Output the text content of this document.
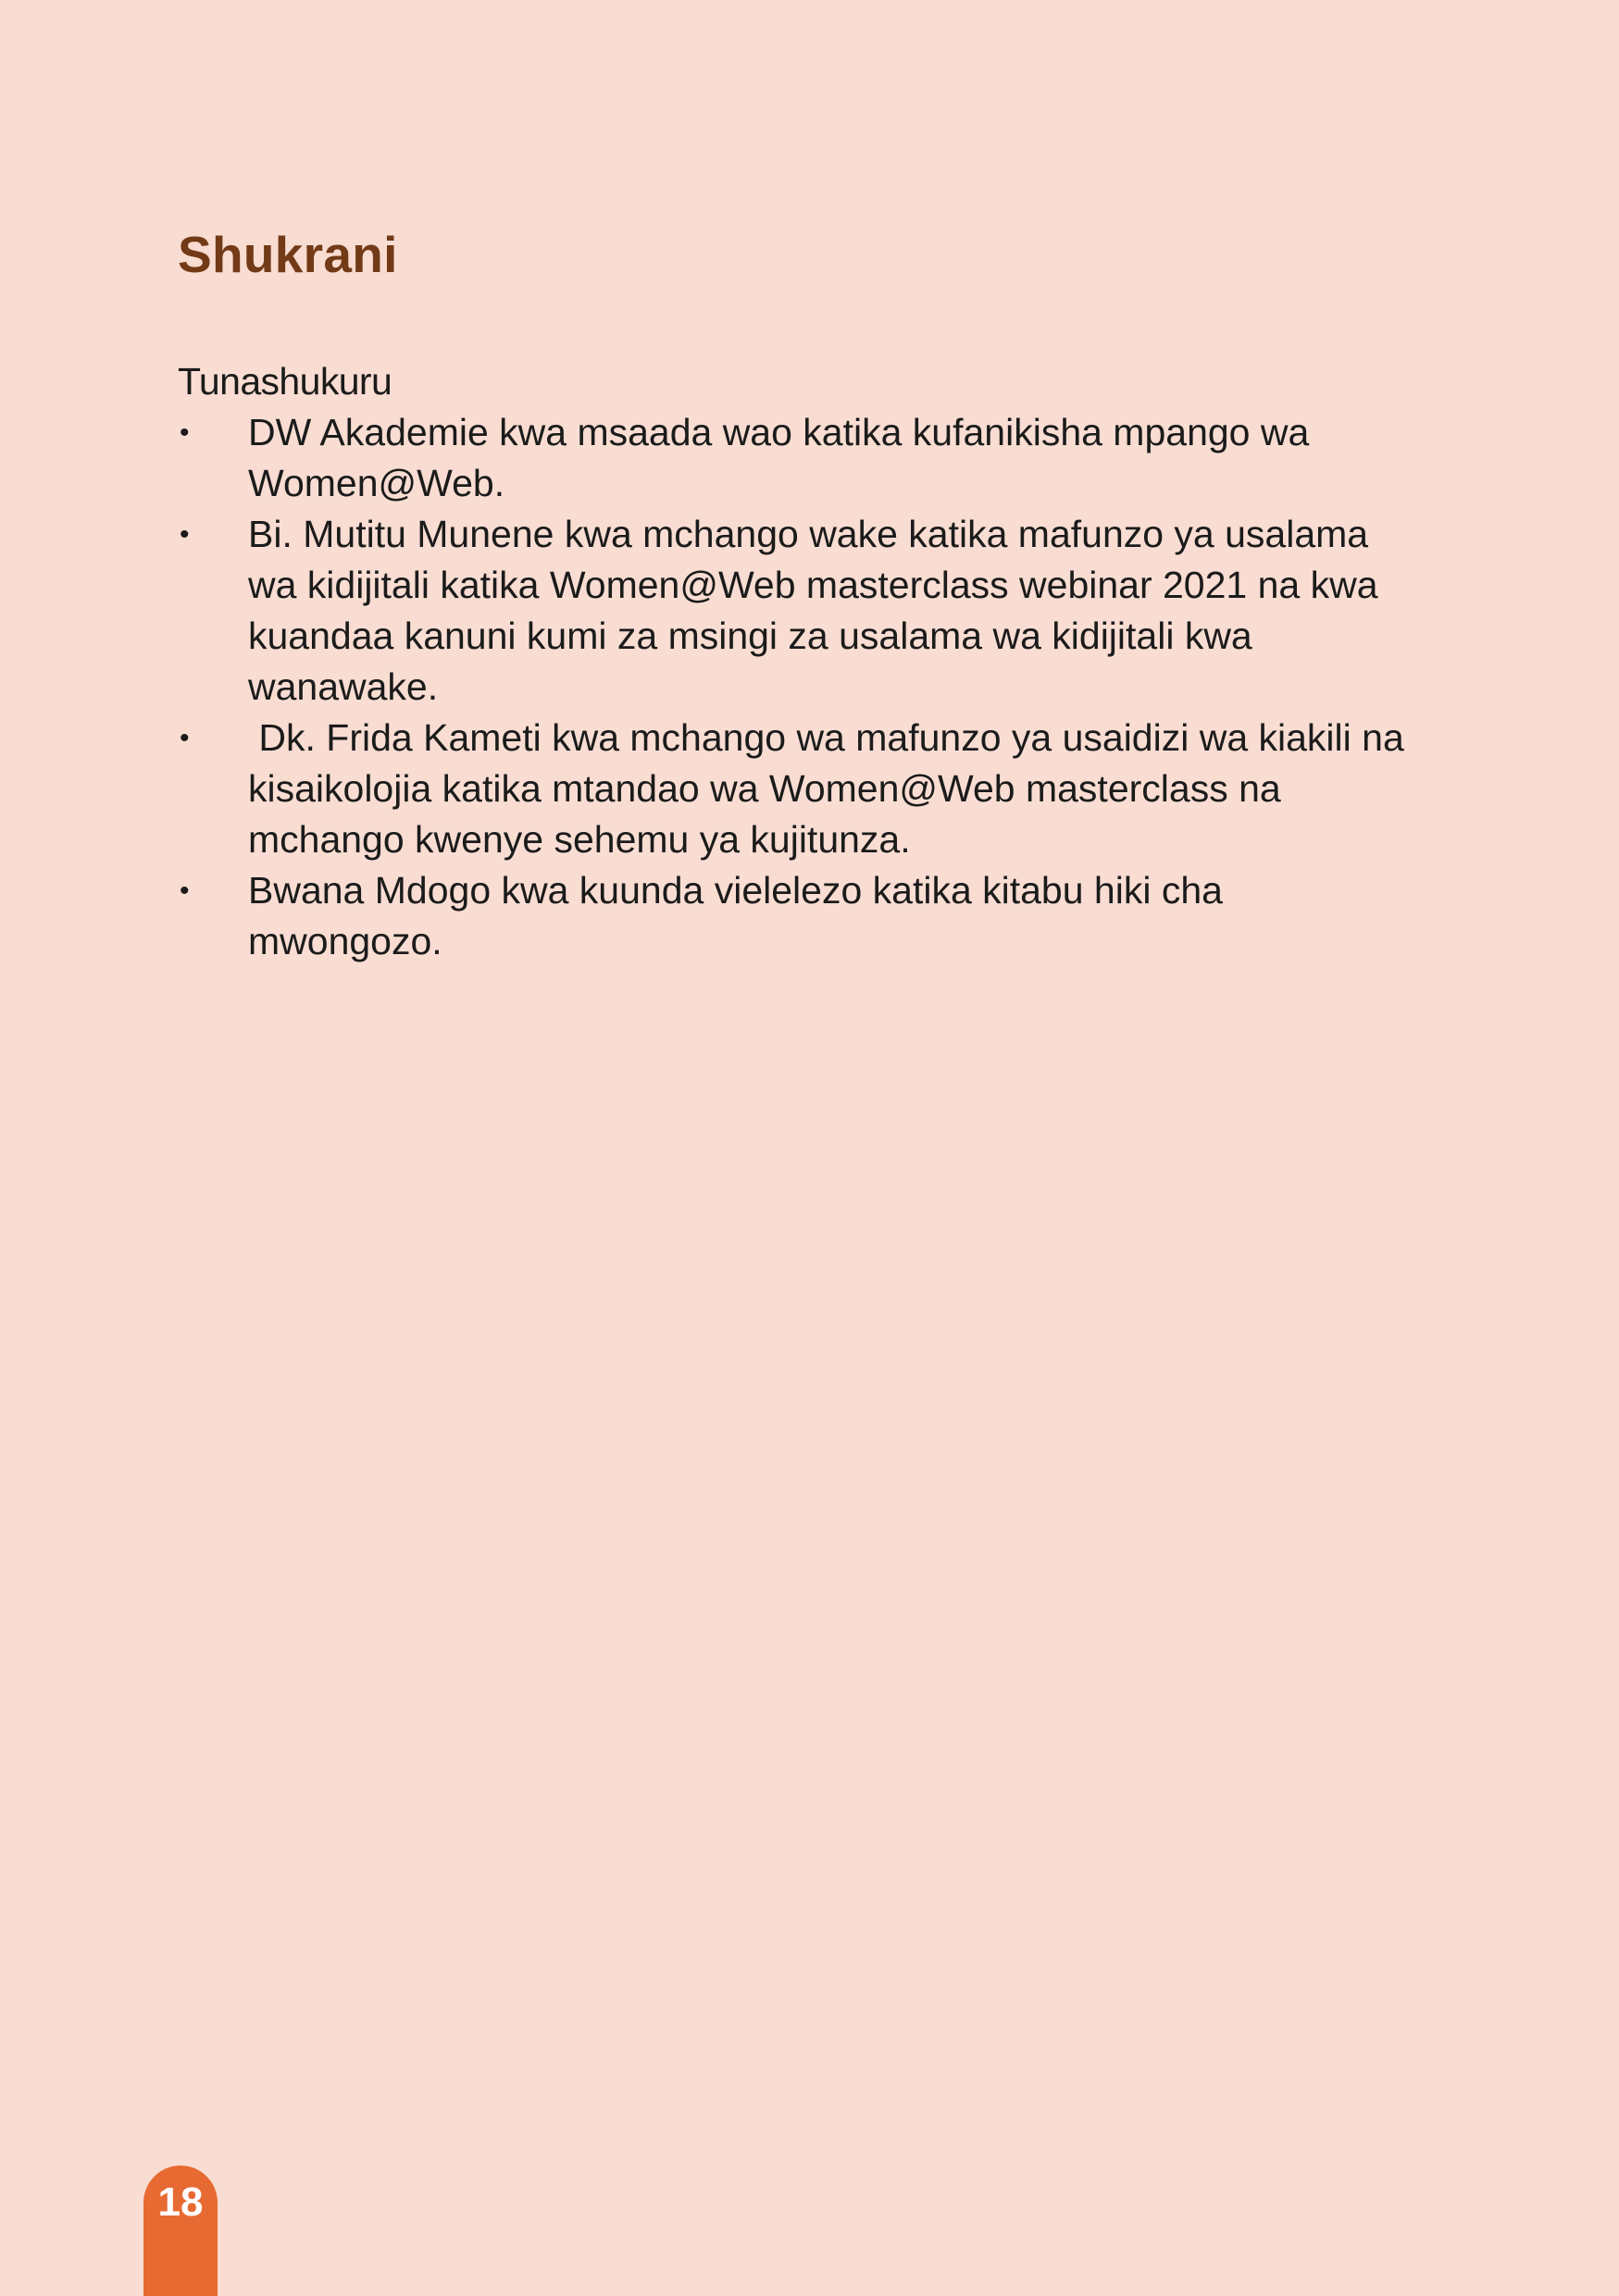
Shukrani

Tunashukuru

• DW Akademie kwa msaada wao katika kufanikisha mpango wa Women@Web.
• Bi. Mutitu Munene kwa mchango wake katika mafunzo ya usalama wa kidijitali katika Women@Web masterclass webinar 2021 na kwa kuandaa kanuni kumi za msingi za usalama wa kidijitali kwa wanawake.
• Dk. Frida Kameti kwa mchango wa mafunzo ya usaidizi wa kiakili na kisaikolojia katika mtandao wa Women@Web masterclass na mchango kwenye sehemu ya kujitunza.
• Bwana Mdogo kwa kuunda vielelezo katika kitabu hiki cha mwongozo.
18
